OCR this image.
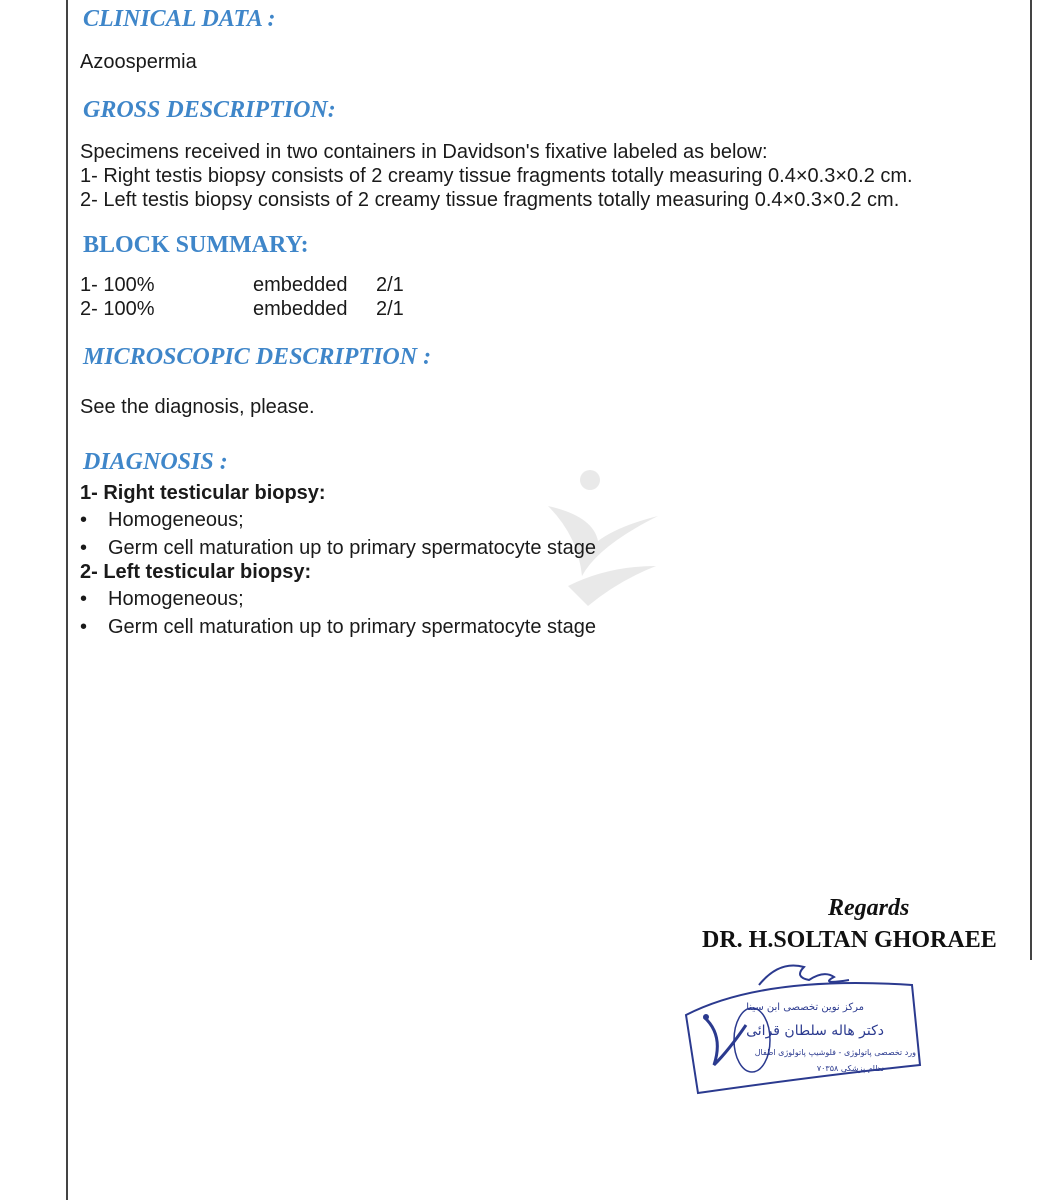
CLINICAL DATA :
Azoospermia
GROSS DESCRIPTION:
Specimens received in two containers in Davidson's fixative labeled as below:
1- Right testis biopsy consists of 2 creamy tissue fragments totally measuring 0.4×0.3×0.2 cm.
2- Left testis biopsy consists of 2 creamy tissue fragments totally measuring 0.4×0.3×0.2 cm.
BLOCK SUMMARY:
1- 100%	embedded 2/1
2- 100%	embedded 2/1
MICROSCOPIC DESCRIPTION :
See the diagnosis, please.
DIAGNOSIS :
1- Right testicular biopsy:
• Homogeneous;
• Germ cell maturation up to primary spermatocyte stage
2- Left testicular biopsy:
• Homogeneous;
• Germ cell maturation up to primary spermatocyte stage
Regards
DR. H.SOLTAN GHORAEE
مرکز نوین تخصصی ابن سینا
دکتر هاله سلطان قرائی
ورد تخصصی پاتولوژی - فلوشیپ پاتولوژی اطفال
نظام پزشکی ۷۰۳۵۸
